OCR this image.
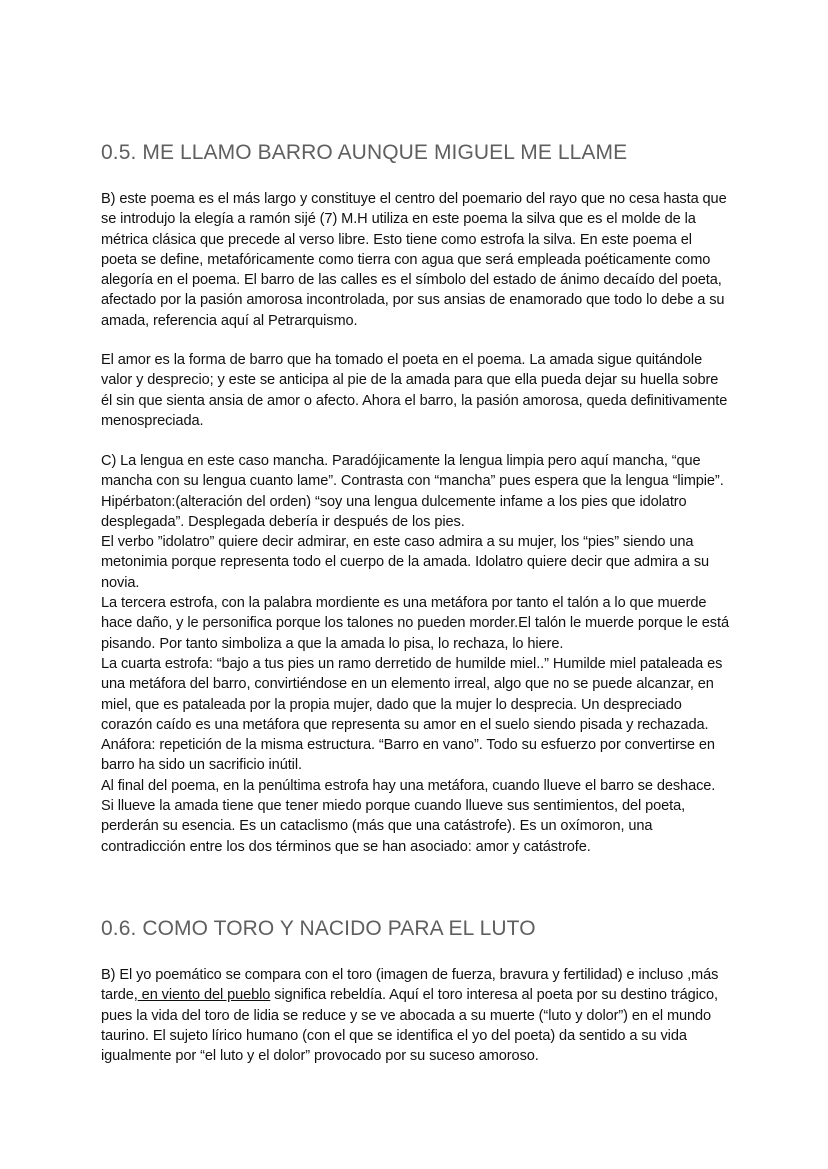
0.5. ME LLAMO BARRO AUNQUE MIGUEL ME LLAME

B) este poema es el más largo y constituye el centro del poemario del rayo que no cesa hasta que se introdujo la elegía a ramón sijé (7) M.H utiliza en este poema la silva que es el molde de la métrica clásica que precede al verso libre. Esto tiene como estrofa la silva. En este poema el poeta se define, metafóricamente como tierra con agua que será empleada poéticamente como alegoría en el poema. El barro de las calles es el símbolo del estado de ánimo decaído del poeta, afectado por la pasión amorosa incontrolada, por sus ansias de enamorado que todo lo debe a su amada, referencia aquí al Petrarquismo.

El amor es la forma de barro que ha tomado el poeta en el poema. La amada sigue quitándole valor y desprecio; y este se anticipa al pie de la amada para que ella pueda dejar su huella sobre él sin que sienta ansia de amor o afecto. Ahora el barro, la pasión amorosa, queda definitivamente menospreciada.

C) La lengua en este caso mancha. Paradójicamente la lengua limpia pero aquí mancha, “que mancha con su lengua cuanto lame”. Contrasta con “mancha” pues espera que la lengua “limpie”.

Hipérbaton:(alteración del orden) “soy una lengua dulcemente infame a los pies que idolatro desplegada”. Desplegada debería ir después de los pies.

El verbo ”idolatro” quiere decir admirar, en este caso admira a su mujer, los “pies” siendo una metonimia porque representa todo el cuerpo de la amada. Idolatro quiere decir que admira a su novia.

La tercera estrofa, con la palabra mordiente es una metáfora por tanto el talón a lo que muerde hace daño, y le personifica porque los talones no pueden morder.El talón le muerde porque le está pisando. Por tanto simboliza a que la amada lo pisa, lo rechaza, lo hiere.

La cuarta estrofa: “bajo a tus pies un ramo derretido de humilde miel..” Humilde miel pataleada es una metáfora del barro, convirtiéndose en un elemento irreal, algo que no se puede alcanzar, en miel, que es pataleada por la propia mujer, dado que la mujer lo desprecia. Un despreciado corazón caído es una metáfora que representa su amor en el suelo siendo pisada y rechazada.

Anáfora: repetición de la misma estructura. “Barro en vano”. Todo su esfuerzo por convertirse en barro ha sido un sacrificio inútil.

Al final del poema, en la penúltima estrofa hay una metáfora, cuando llueve el barro se deshace. Si llueve la amada tiene que tener miedo porque cuando llueve sus sentimientos, del poeta, perderán su esencia. Es un cataclismo (más que una catástrofe). Es un oxímoron, una contradicción entre los dos términos que se han asociado: amor y catástrofe.

0.6. COMO TORO Y NACIDO PARA EL LUTO

B) El yo poemático se compara con el toro (imagen de fuerza, bravura y fertilidad) e incluso ,más tarde, en viento del pueblo significa rebeldía. Aquí el toro interesa al poeta por su destino trágico, pues la vida del toro de lidia se reduce y se ve abocada a su muerte (“luto y dolor”) en el mundo taurino. El sujeto lírico humano (con el que se identifica el yo del poeta) da sentido a su vida igualmente por “el luto y el dolor” provocado por su suceso amoroso.
